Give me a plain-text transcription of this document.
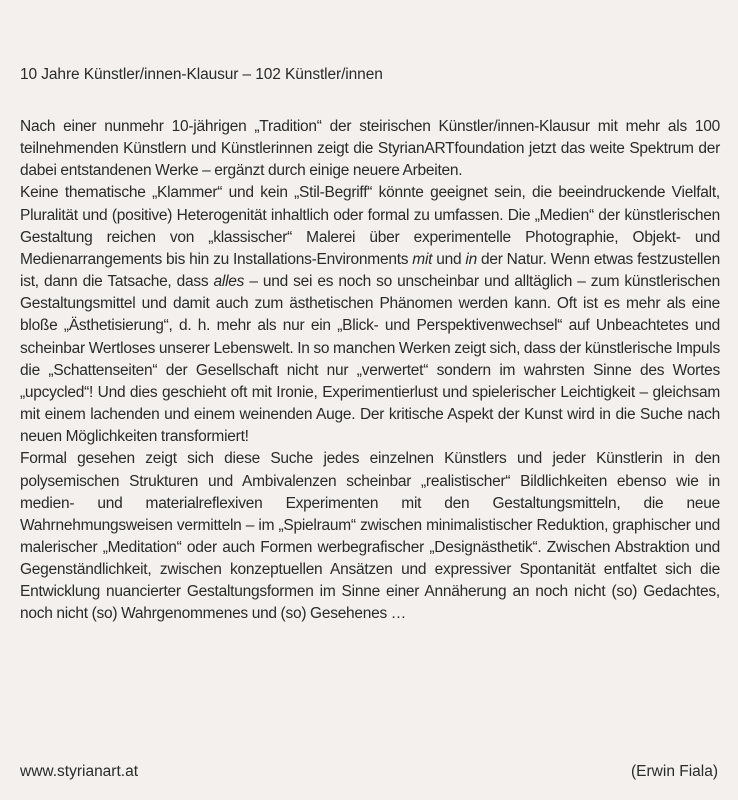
10 Jahre Künstler/innen-Klausur – 102 Künstler/innen

Nach einer nunmehr 10-jährigen „Tradition“ der steirischen Künstler/innen-Klausur mit mehr als 100 teilnehmenden Künstlern und Künstlerinnen zeigt die StyrianARTfoundation jetzt das weite Spektrum der dabei entstandenen Werke – ergänzt durch einige neuere Arbeiten.

Keine thematische „Klammer“ und kein „Stil-Begriff“ könnte geeignet sein, die beeindruckende Vielfalt, Pluralität und (positive) Heterogenität inhaltlich oder formal zu umfassen. Die „Medien“ der künstlerischen Gestaltung reichen von „klassischer“ Malerei über experimentelle Photographie, Objekt- und Medienarrangements bis hin zu Installations-Environments mit und in der Natur. Wenn etwas festzustellen ist, dann die Tatsache, dass alles – und sei es noch so unscheinbar und alltäglich – zum künstlerischen Gestaltungsmittel und damit auch zum ästhetischen Phänomen werden kann. Oft ist es mehr als eine bloße „Ästhetisierung“, d. h. mehr als nur ein „Blick- und Perspektivenwechsel“ auf Unbeachtetes und scheinbar Wertloses unserer Lebenswelt. In so manchen Werken zeigt sich, dass der künstlerische Impuls die „Schattenseiten“ der Gesellschaft nicht nur „verwertet“ sondern im wahrsten Sinne des Wortes „upcycled“! Und dies geschieht oft mit Ironie, Experimentierlust und spielerischer Leichtigkeit – gleichsam mit einem lachenden und einem weinenden Auge. Der kritische Aspekt der Kunst wird in die Suche nach neuen Möglichkeiten transformiert!

Formal gesehen zeigt sich diese Suche jedes einzelnen Künstlers und jeder Künstlerin in den polysemischen Strukturen und Ambivalenzen scheinbar „realistischer“ Bildlichkeiten ebenso wie in medien- und materialreflexiven Experimenten mit den Gestaltungsmitteln, die neue Wahrnehmungsweisen vermitteln – im „Spielraum“ zwischen minimalistischer Reduktion, graphischer und malerischer „Meditation“ oder auch Formen werbegrafischer „Designästhetik“. Zwischen Abstraktion und Gegenständlichkeit, zwischen konzeptuellen Ansätzen und expressiver Spontanität entfaltet sich die Entwicklung nuancierter Gestaltungsformen im Sinne einer Annäherung an noch nicht (so) Gedachtes, noch nicht (so) Wahrgenommenes und (so) Gesehenes …

www.styrianart.at	(Erwin Fiala)
